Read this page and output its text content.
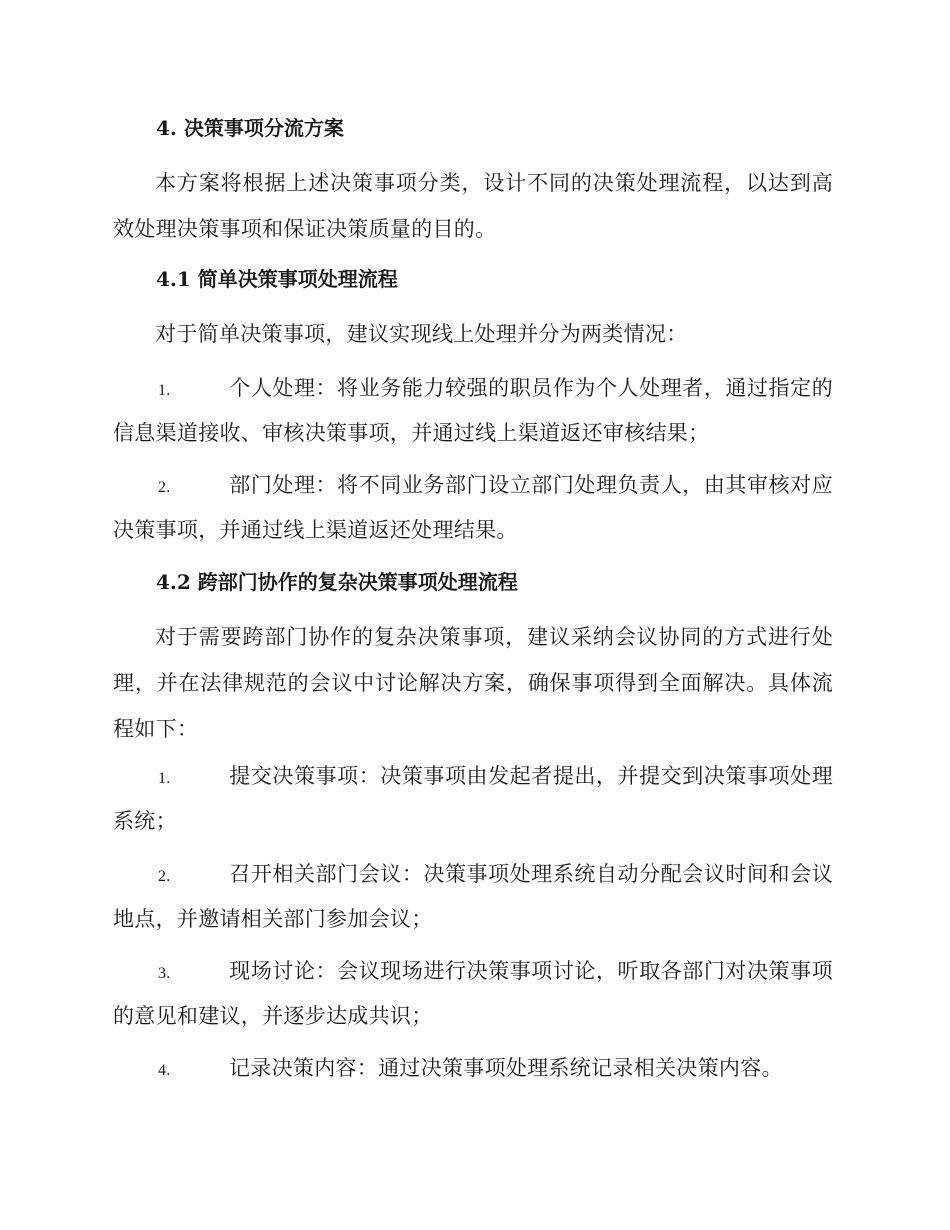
4. 决策事项分流方案
本方案将根据上述决策事项分类，设计不同的决策处理流程，以达到高效处理决策事项和保证决策质量的目的。
4.1 简单决策事项处理流程
对于简单决策事项，建议实现线上处理并分为两类情况：
1.	个人处理：将业务能力较强的职员作为个人处理者，通过指定的信息渠道接收、审核决策事项，并通过线上渠道返还审核结果；
2.	部门处理：将不同业务部门设立部门处理负责人，由其审核对应决策事项，并通过线上渠道返还处理结果。
4.2 跨部门协作的复杂决策事项处理流程
对于需要跨部门协作的复杂决策事项，建议采纳会议协同的方式进行处理，并在法律规范的会议中讨论解决方案，确保事项得到全面解决。具体流程如下：
1.	提交决策事项：决策事项由发起者提出，并提交到决策事项处理系统；
2.	召开相关部门会议：决策事项处理系统自动分配会议时间和会议地点，并邀请相关部门参加会议；
3.	现场讨论：会议现场进行决策事项讨论，听取各部门对决策事项的意见和建议，并逐步达成共识；
4.	记录决策内容：通过决策事项处理系统记录相关决策内容。
